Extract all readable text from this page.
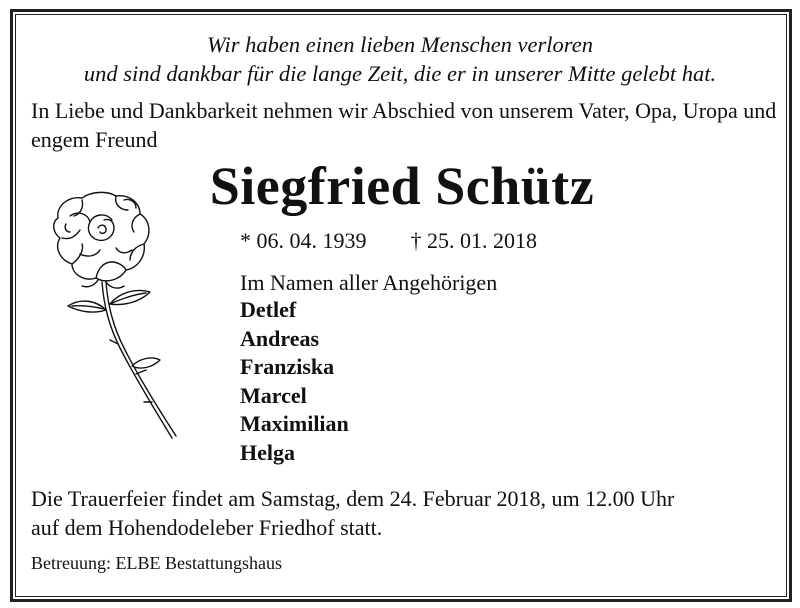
Wir haben einen lieben Menschen verloren
und sind dankbar für die lange Zeit, die er in unserer Mitte gelebt hat.
In Liebe und Dankbarkeit nehmen wir Abschied von unserem Vater, Opa, Uropa und engem Freund
Siegfried Schütz
* 06. 04. 1939 † 25. 01. 2018
Im Namen aller Angehörigen
Detlef
Andreas
Franziska
Marcel
Maximilian
Helga
Die Trauerfeier findet am Samstag, dem 24. Februar 2018, um 12.00 Uhr
auf dem Hohendodeleber Friedhof statt.
Betreuung: ELBE Bestattungshaus
